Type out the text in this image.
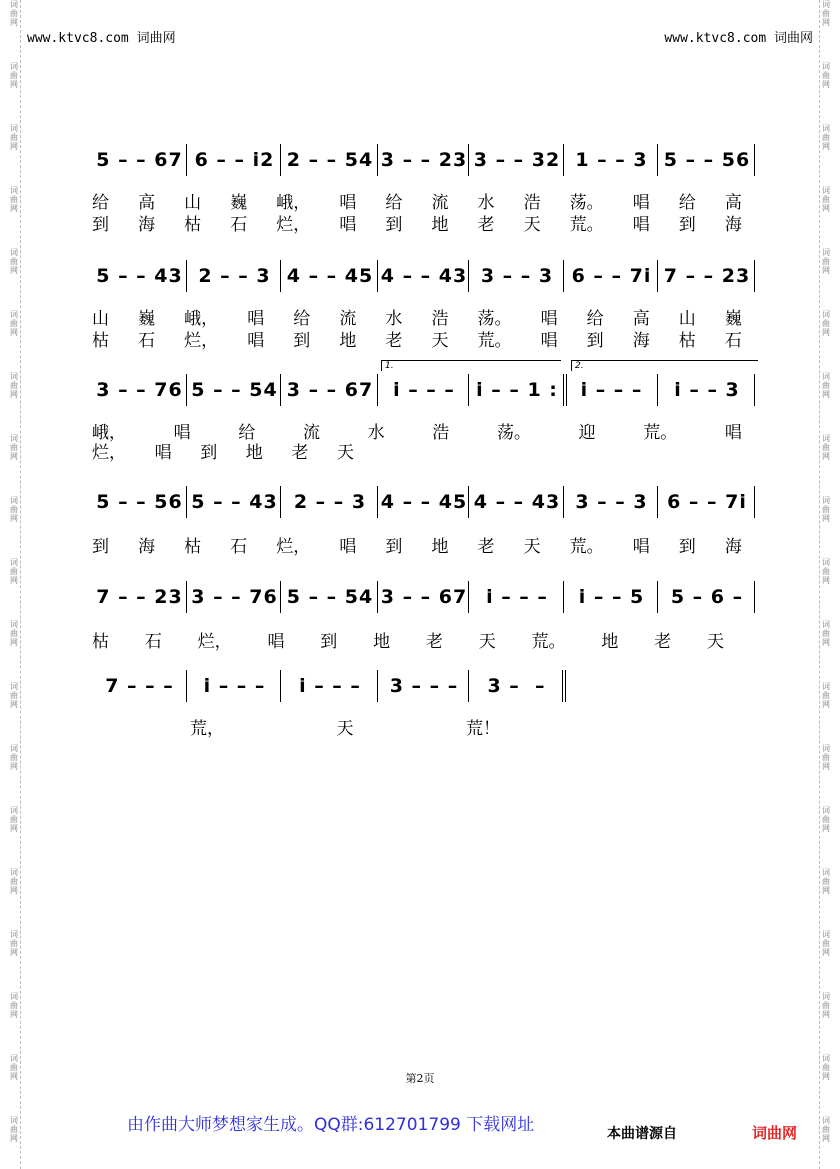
词
曲
网
词
曲
网
词
曲
网
词
曲
网
词
曲
网
词
曲
网
词
曲
网
词
曲
网
词
曲
网
词
曲
网
词
曲
网
词
曲
网
词
曲
网
词
曲
网
词
曲
网
词
曲
网
词
曲
网
词
曲
网
词
曲
网
词
曲
网
词
曲
网
词
曲
网
词
曲
网
词
曲
网
词
曲
网
词
曲
网
词
曲
网
词
曲
网
词
曲
网
词
曲
网
词
曲
网
词
曲
网
词
曲
网
词
曲
网
词
曲
网
词
曲
网
词
曲
网
词
曲
网
www.ktvc8.com 词曲网	www.ktvc8.com 词曲网
5 – – 67 6 – – i2 2 – – 54 3 – – 23 3 – – 32 1 – – 3 5 – – 56
给 高 山 巍 峨， 唱 给 流 水 浩 荡。 唱 给 高
到 海 枯 石 烂， 唱 到 地 老 天 荒。 唱 到 海
5 – – 43 2 – – 3 4 – – 45 4 – – 43 3 – – 3 6 – – 7i 7 – – 23
山 巍 峨， 唱 给 流 水 浩 荡。 唱 给 高 山 巍
枯 石 烂， 唱 到 地 老 天 荒。 唱 到 海 枯 石
3 – – 76 5 – – 54 3 – – 67	i – – –	i – – 1 :	i – – –	i – – 3
1.	2.
峨，	唱	给	流	水	浩	荡。	迎	荒。	唱
烂， 唱 到 地 老 天
5 – – 56 5 – – 43 2 – – 3 4 – – 45 4 – – 43 3 – – 3	6 – – 7i
到 海 枯 石 烂， 唱 到 地 老 天 荒。 唱 到 海
7 – – 23 3 – – 76 5 – – 54 3 – – 67 i – – –	i – – 5	5 – 6 –
枯 石 烂， 唱 到 地 老 天 荒。 地 老 天
7 – – –	i – – –	i – – –	3 – – –	3 –  –
荒，	天	荒！
第2页
由作曲大师梦想家生成。QQ群:612701799 下载网址	本曲谱源自	词曲网
